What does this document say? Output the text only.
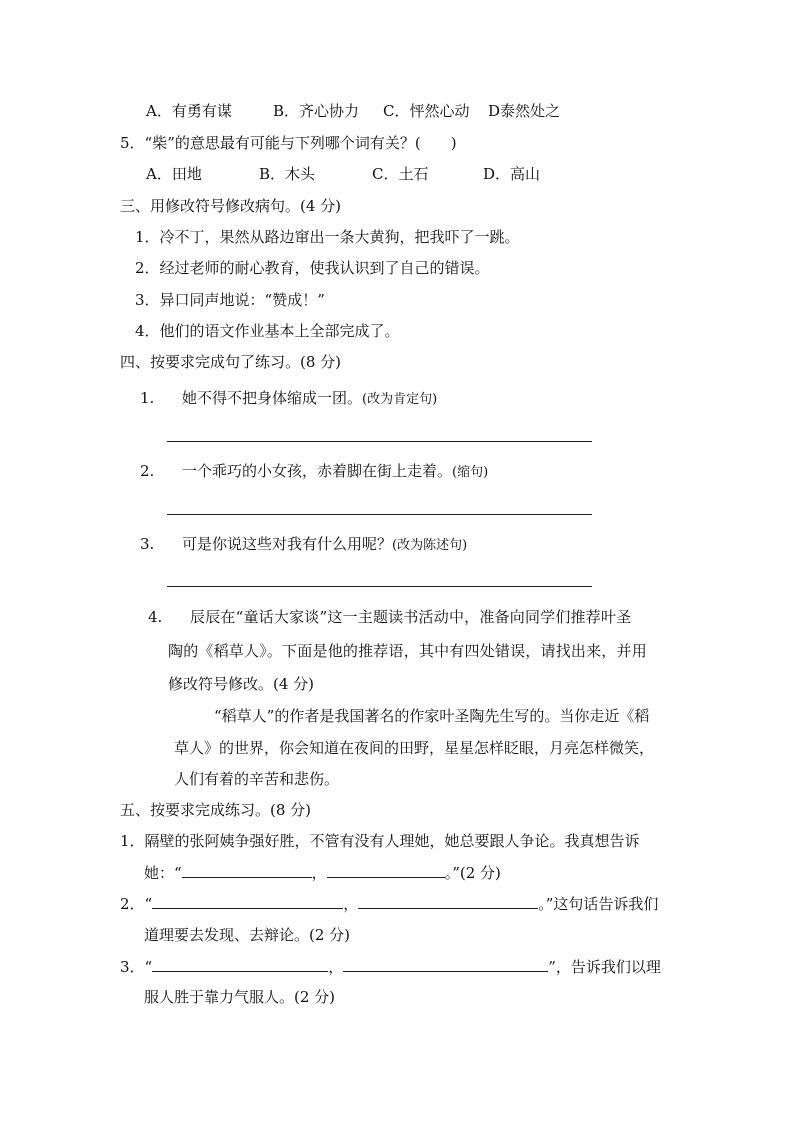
A．有勇有谋	B．齐心协力 C．怦然心动 D泰然处之
5．“柴”的意思最有可能与下列哪个词有关？(　　)
A．田地	B．木头	C．土石	D．高山
三、用修改符号修改病句。(4 分)
1．冷不丁，果然从路边窜出一条大黄狗，把我吓了一跳。
2．经过老师的耐心教育，使我认识到了自己的错误。
3．异口同声地说：“赞成！”
4．他们的语文作业基本上全部完成了。
四、按要求完成句了练习。(8 分)
1. 她不得不把身体缩成一团。(改为肯定句)
2. 一个乖巧的小女孩，赤着脚在街上走着。(缩句)
3. 可是你说这些对我有什么用呢？(改为陈述句)
4. 辰辰在“童话大家谈”这一主题读书活动中，准备向同学们推荐叶圣
陶的《稻草人》。下面是他的推荐语，其中有四处错误，请找出来，并用
修改符号修改。(4 分)
“稻草人”的作者是我国著名的作家叶圣陶先生写的。当你走近《稻
草人》的世界，你会知道在夜间的田野，星星怎样眨眼，月亮怎样微笑，
人们有着的辛苦和悲伤。
五、按要求完成练习。(8 分)
1．隔壁的张阿姨争强好胜，不管有没有人理她，她总要跟人争论。我真想告诉
她：“	，	。”(2 分)
2．“	，	。”这句话告诉我们
道理要去发现、去辩论。(2 分)
3．“	，	”，告诉我们以理
服人胜于靠力气服人。(2 分)
